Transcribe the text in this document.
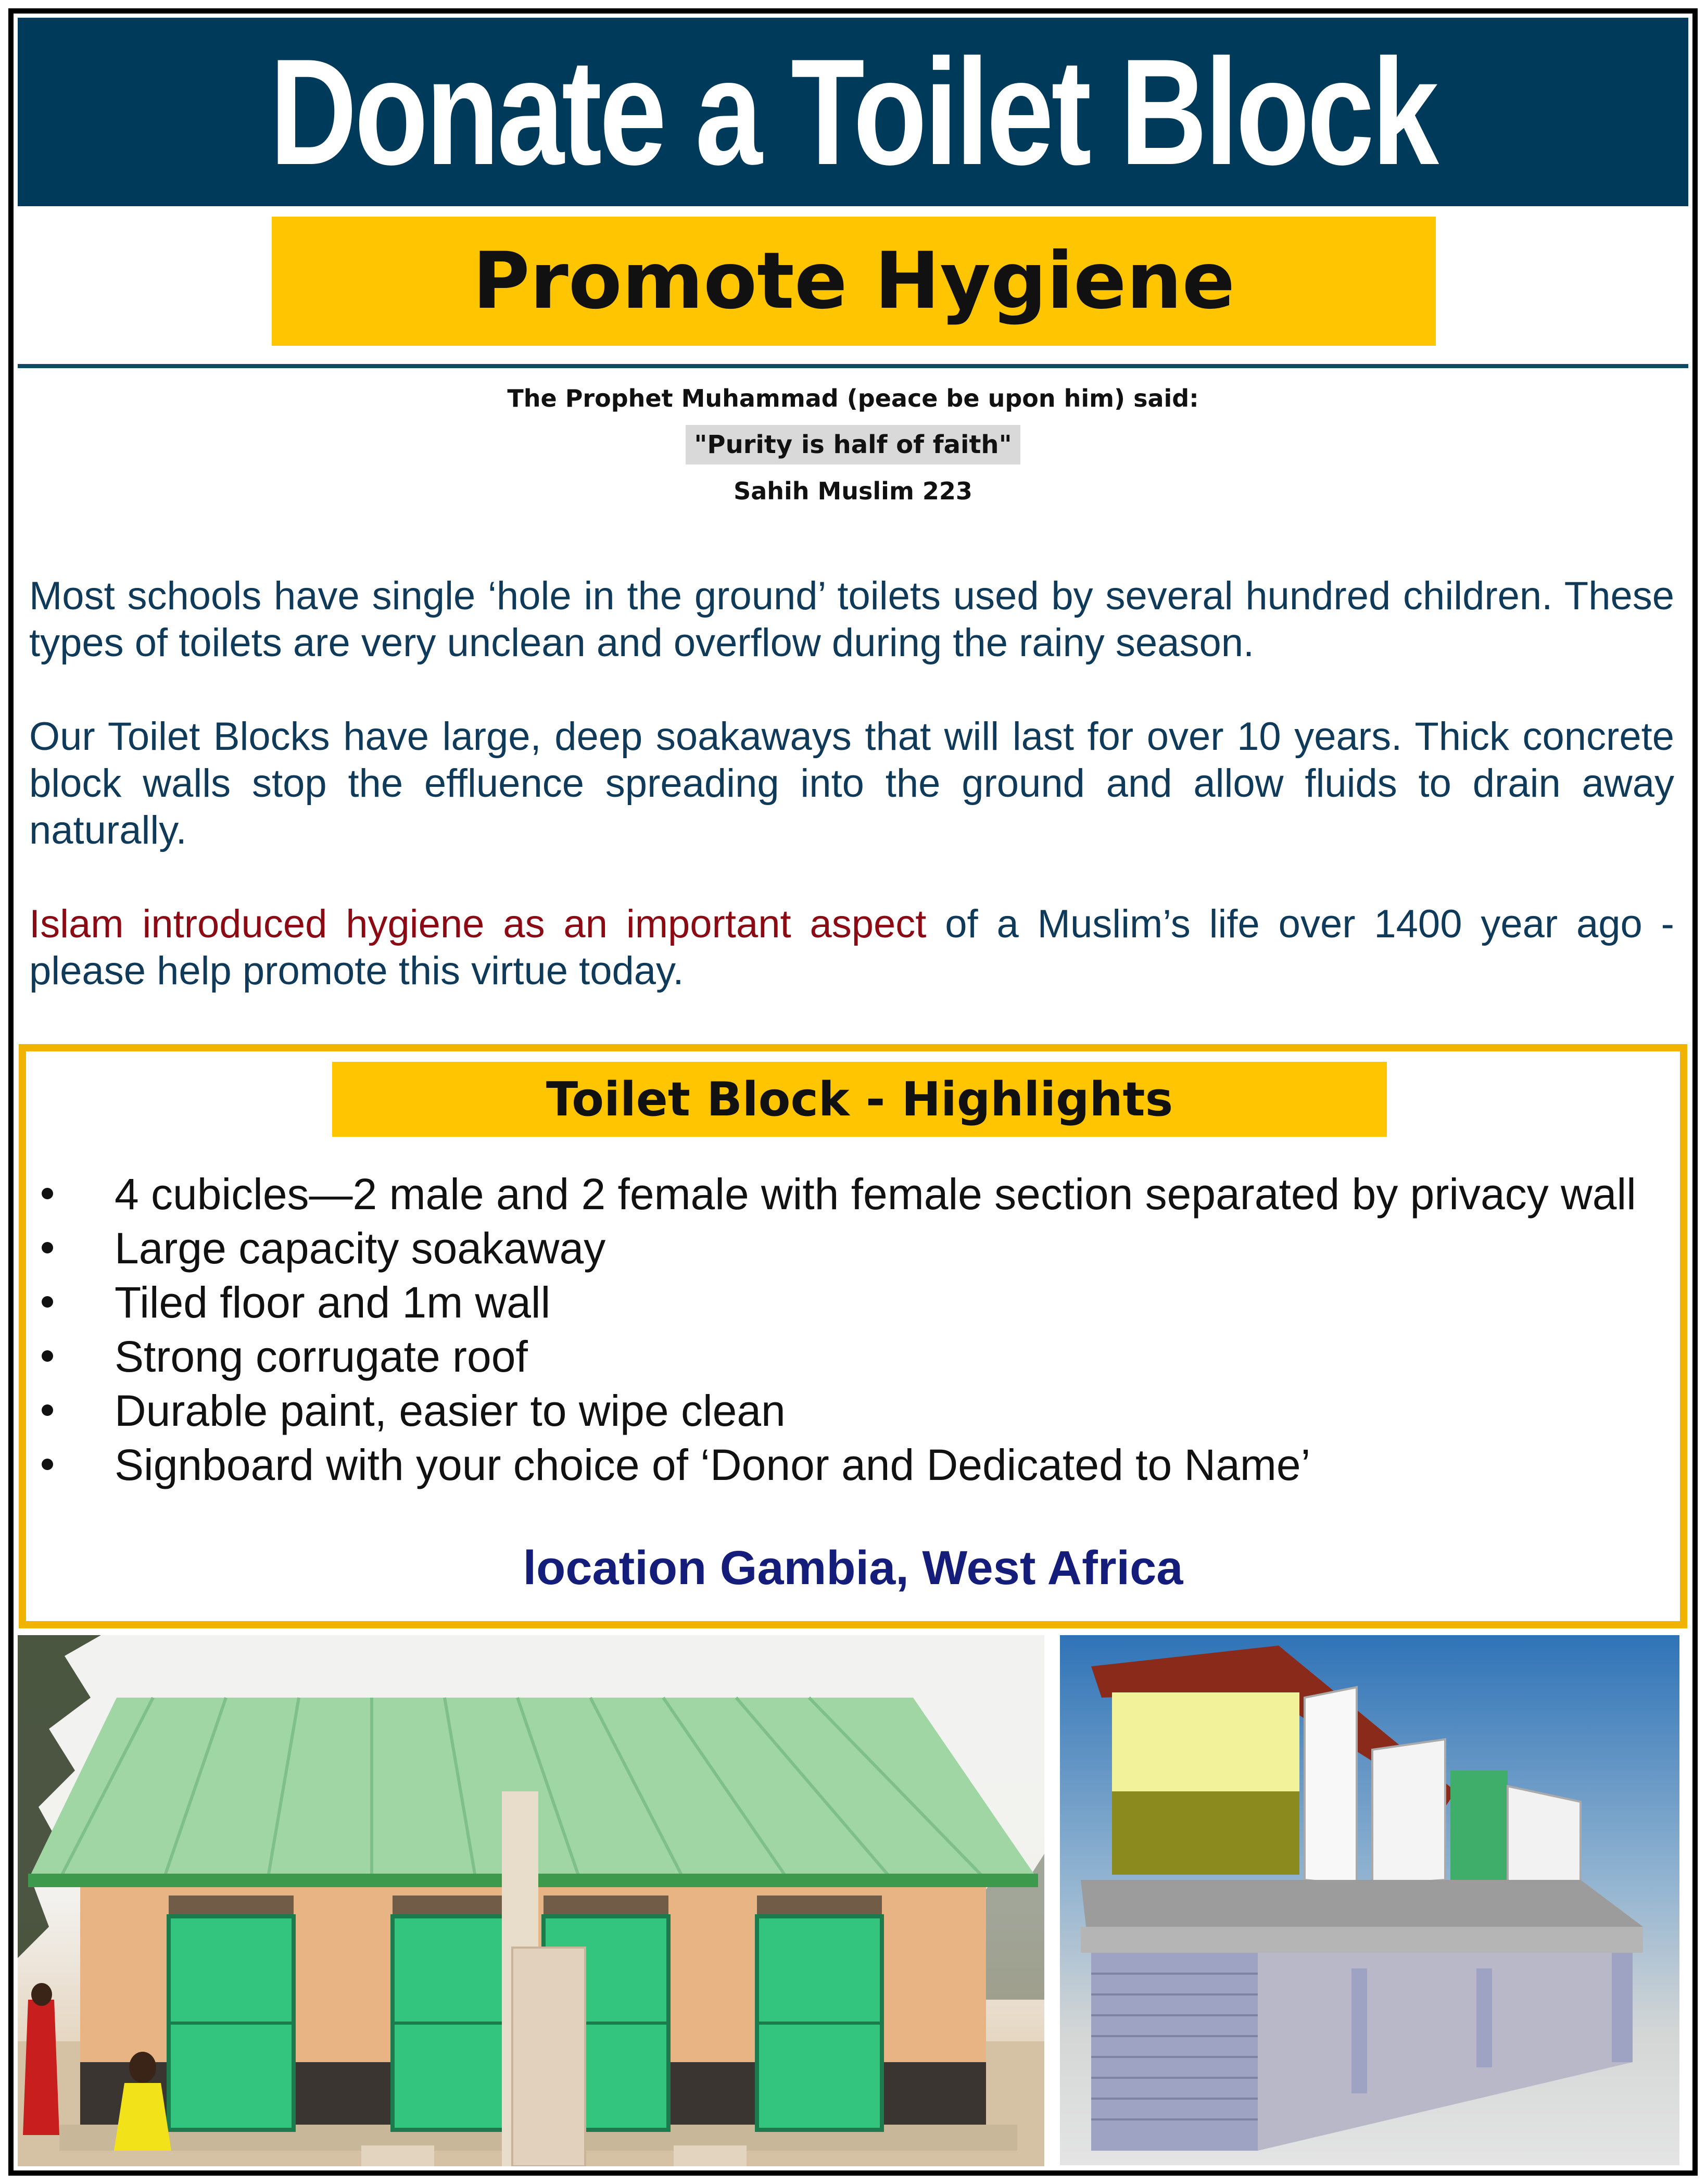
Donate a Toilet Block
Promote Hygiene
The Prophet Muhammad (peace be upon him) said:
"Purity is half of faith"
Sahih Muslim 223

Most schools have single ‘hole in the ground’ toilets used by several hundred children. These types of toilets are very unclean and overflow during the rainy season.

Our Toilet Blocks have large, deep soakaways that will last for over 10 years. Thick concrete block walls stop the effluence spreading into the ground and allow fluids to drain away naturally.

Islam introduced hygiene as an important aspect of a Muslim’s life over 1400 year ago - please help promote this virtue today.

Toilet Block - Highlights
4 cubicles—2 male and 2 female with female section separated by privacy wall
Large capacity soakaway
Tiled floor and 1m wall
Strong corrugate roof
Durable paint, easier to wipe clean
Signboard with your choice of ‘Donor and Dedicated to Name’
location Gambia, West Africa
